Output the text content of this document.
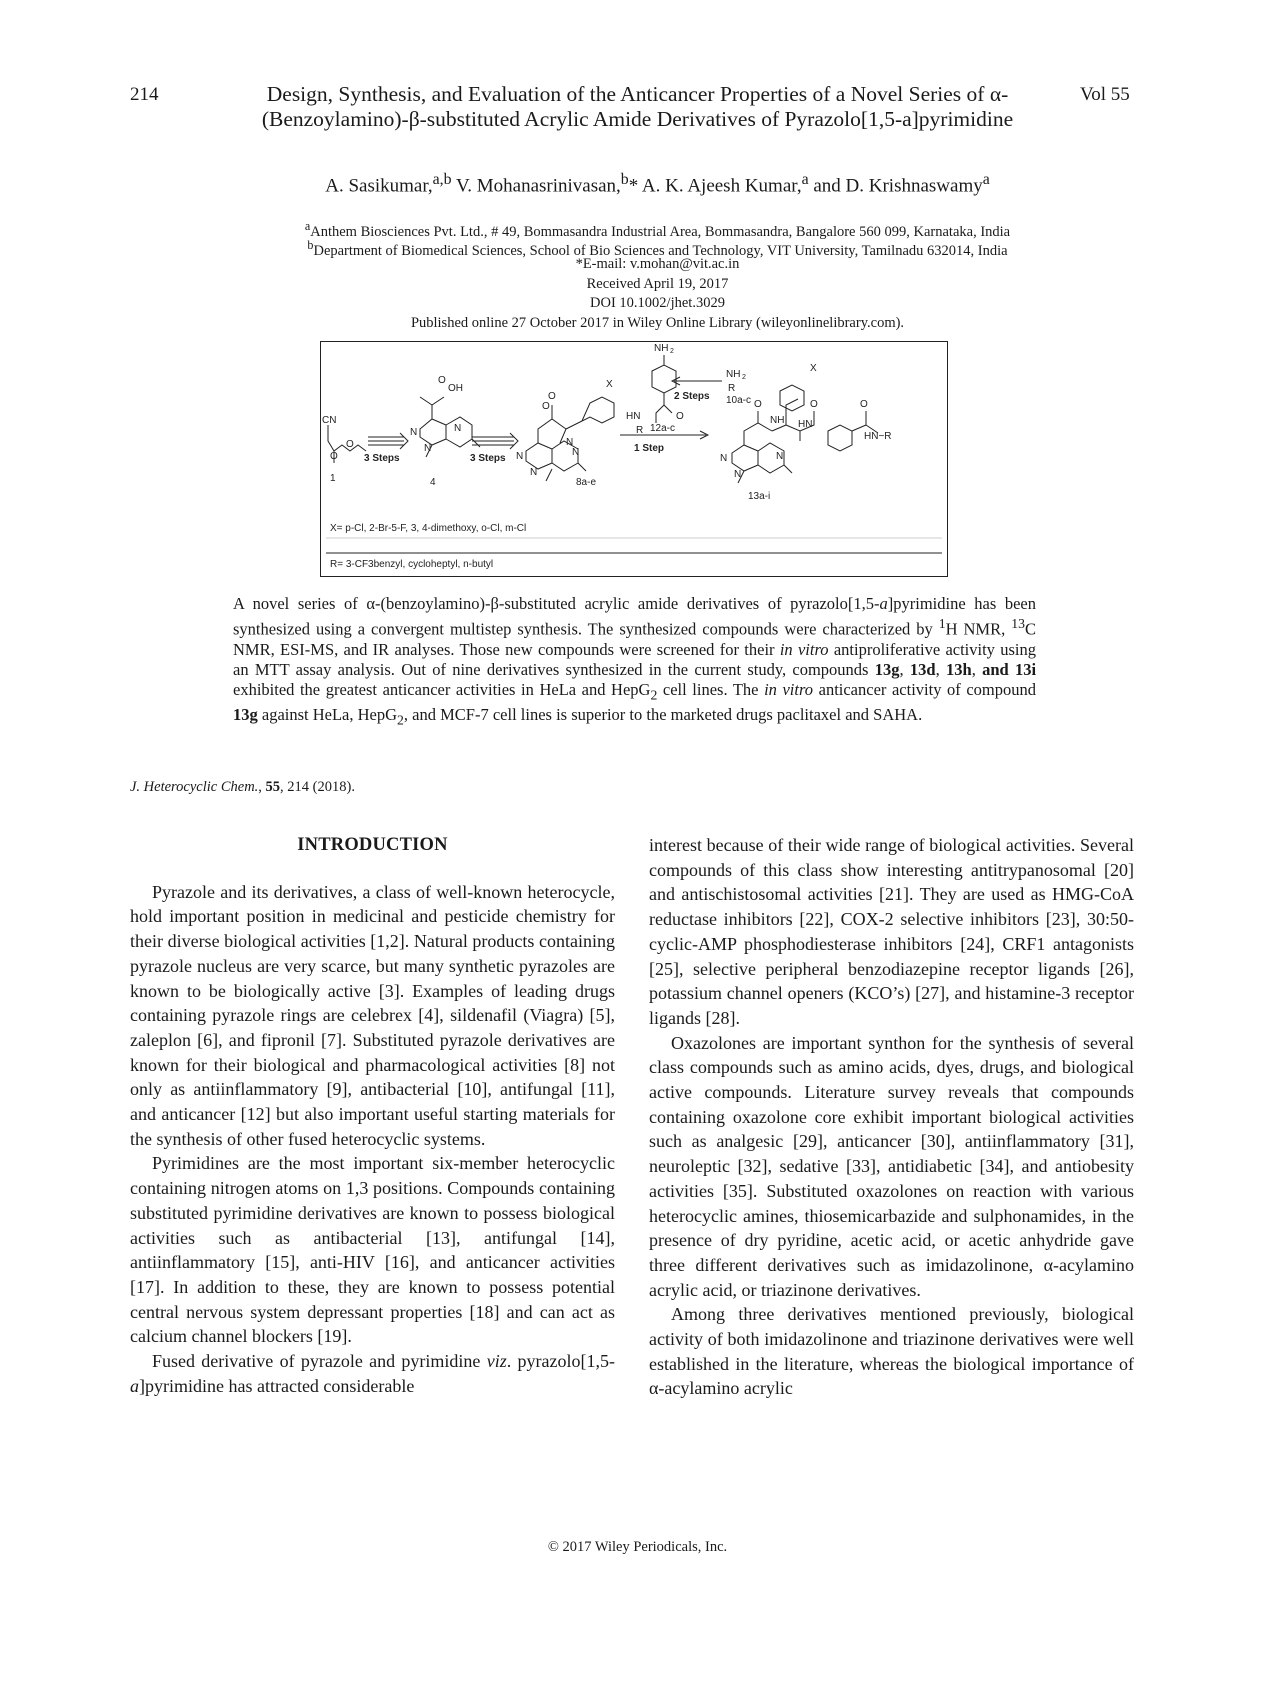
214	Design, Synthesis, and Evaluation of the Anticancer Properties of a Novel Series of α-(Benzoylamino)-β-substituted Acrylic Amide Derivatives of Pyrazolo[1,5-a]pyrimidine
Vol 55
A. Sasikumar,$^{a,b}$ V. Mohanasrinivasan,$^b$* A. K. Ajeesh Kumar,$^a$ and D. Krishnaswamy$^a$
$^a$Anthem Biosciences Pvt. Ltd., # 49, Bommasandra Industrial Area, Bommasandra, Bangalore 560 099, Karnataka, India
$^b$Department of Biomedical Sciences, School of Bio Sciences and Technology, VIT University, Tamilnadu 632014, India
*E-mail: v.mohan@vit.ac.in
Received April 19, 2017
DOI 10.1002/jhet.3029
Published online 27 October 2017 in Wiley Online Library (wileyonlinelibrary.com).
CN
O
O
1
3 Steps
OH
O
N
N
N
4
3 Steps
O
O
N
X
N
N
N
8a-e
NH 2
O
HN
R 12a-c
1 Step
NH 2
R
10a-c
2 Steps
X
O	O	O
NH HN
HN−R
N
N
N
13a-i
X= p-Cl, 2-Br-5-F, 3, 4-dimethoxy, o-Cl, m-Cl
R= 3-CF3benzyl, cycloheptyl, n-butyl

A novel series of α-(benzoylamino)-β-substituted acrylic amide derivatives of pyrazolo[1,5-a]pyrimidine has been synthesized using a convergent multistep synthesis. The synthesized compounds were characterized by $^1$H NMR, $^{13}$C NMR, ESI-MS, and IR analyses. Those new compounds were screened for their in vitro antiproliferative activity using an MTT assay analysis. Out of nine derivatives synthesized in the current study, compounds 13g, 13d, 13h, and 13i exhibited the greatest anticancer activities in HeLa and HepG$_2$ cell lines. The in vitro anticancer activity of compound 13g against HeLa, HepG$_2$, and MCF-7 cell lines is superior to the marketed drugs paclitaxel and SAHA.

J. Heterocyclic Chem., 55, 214 (2018).
INTRODUCTION

Pyrazole and its derivatives, a class of well-known heterocycle, hold important position in medicinal and pesticide chemistry for their diverse biological activities [1,2]. Natural products containing pyrazole nucleus are very scarce, but many synthetic pyrazoles are known to be biologically active [3]. Examples of leading drugs containing pyrazole rings are celebrex [4], sildenafil (Viagra) [5], zaleplon [6], and fipronil [7]. Substituted pyrazole derivatives are known for their biological and pharmacological activities [8] not only as antiinflammatory [9], antibacterial [10], antifungal [11], and anticancer [12] but also important useful starting materials for the synthesis of other fused heterocyclic systems.

Pyrimidines are the most important six-member heterocyclic containing nitrogen atoms on 1,3 positions. Compounds containing substituted pyrimidine derivatives are known to possess biological activities such as antibacterial [13], antifungal [14], antiinflammatory [15], anti-HIV [16], and anticancer activities [17]. In addition to these, they are known to possess potential central nervous system depressant properties [18] and can act as calcium channel blockers [19].

Fused derivative of pyrazole and pyrimidine viz. pyrazolo[1,5-a]pyrimidine has attracted considerable

interest because of their wide range of biological activities. Several compounds of this class show interesting antitrypanosomal [20] and antischistosomal activities [21]. They are used as HMG-CoA reductase inhibitors [22], COX-2 selective inhibitors [23], 30:50-cyclic-AMP phosphodiesterase inhibitors [24], CRF1 antagonists [25], selective peripheral benzodiazepine receptor ligands [26], potassium channel openers (KCO’s) [27], and histamine-3 receptor ligands [28].

Oxazolones are important synthon for the synthesis of several class compounds such as amino acids, dyes, drugs, and biological active compounds. Literature survey reveals that compounds containing oxazolone core exhibit important biological activities such as analgesic [29], anticancer [30], antiinflammatory [31], neuroleptic [32], sedative [33], antidiabetic [34], and antiobesity activities [35]. Substituted oxazolones on reaction with various heterocyclic amines, thiosemicarbazide and sulphonamides, in the presence of dry pyridine, acetic acid, or acetic anhydride gave three different derivatives such as imidazolinone, α-acylamino acrylic acid, or triazinone derivatives.

Among three derivatives mentioned previously, biological activity of both imidazolinone and triazinone derivatives were well established in the literature, whereas the biological importance of α-acylamino acrylic

© 2017 Wiley Periodicals, Inc.
